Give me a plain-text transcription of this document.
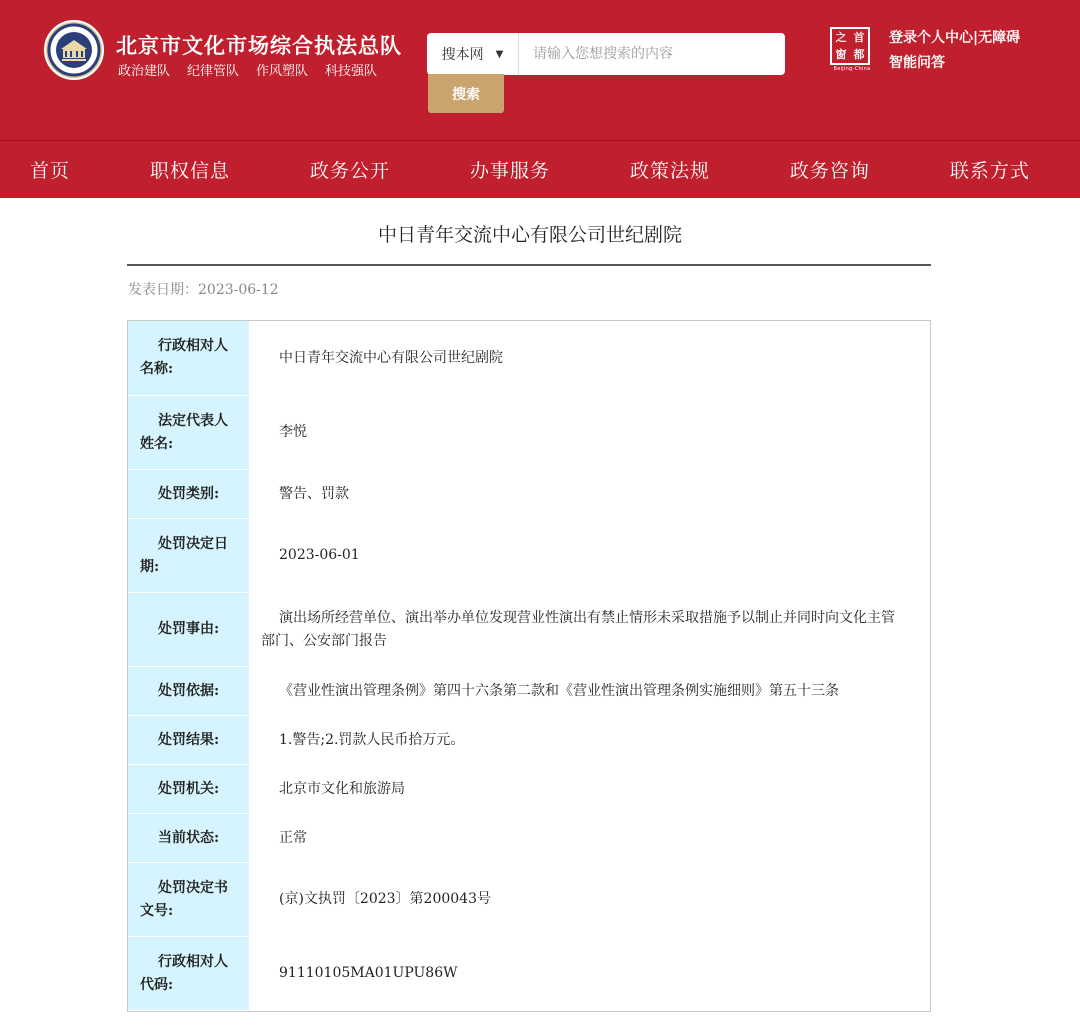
北京市文化市场综合执法总队
政治建队 纪律管队 作风塑队 科技强队
搜本网 ▼
请输入您想搜索的内容
搜索
之 首
窗 都
Beijing-China
登录个人中心|无障碍
智能问答
首页	职权信息	政务公开	办事服务	政策法规	政务咨询	联系方式
中日青年交流中心有限公司世纪剧院
发表日期：2023-06-12
行政相对人名称:	中日青年交流中心有限公司世纪剧院

法定代表人姓名:	李悦

处罚类别:	警告、罚款

处罚决定日期:	2023-06-01

处罚事由:	演出场所经营单位、演出举办单位发现营业性演出有禁止情形未采取措施予以制止并同时向文化主管部门、公安部门报告

处罚依据:	《营业性演出管理条例》第四十六条第二款和《营业性演出管理条例实施细则》第五十三条

处罚结果:	1.警告;2.罚款人民币拾万元。

处罚机关:	北京市文化和旅游局

当前状态:	正常

处罚决定书文号:	(京)文执罚〔2023〕第200043号

行政相对人代码:	91110105MA01UPU86W
